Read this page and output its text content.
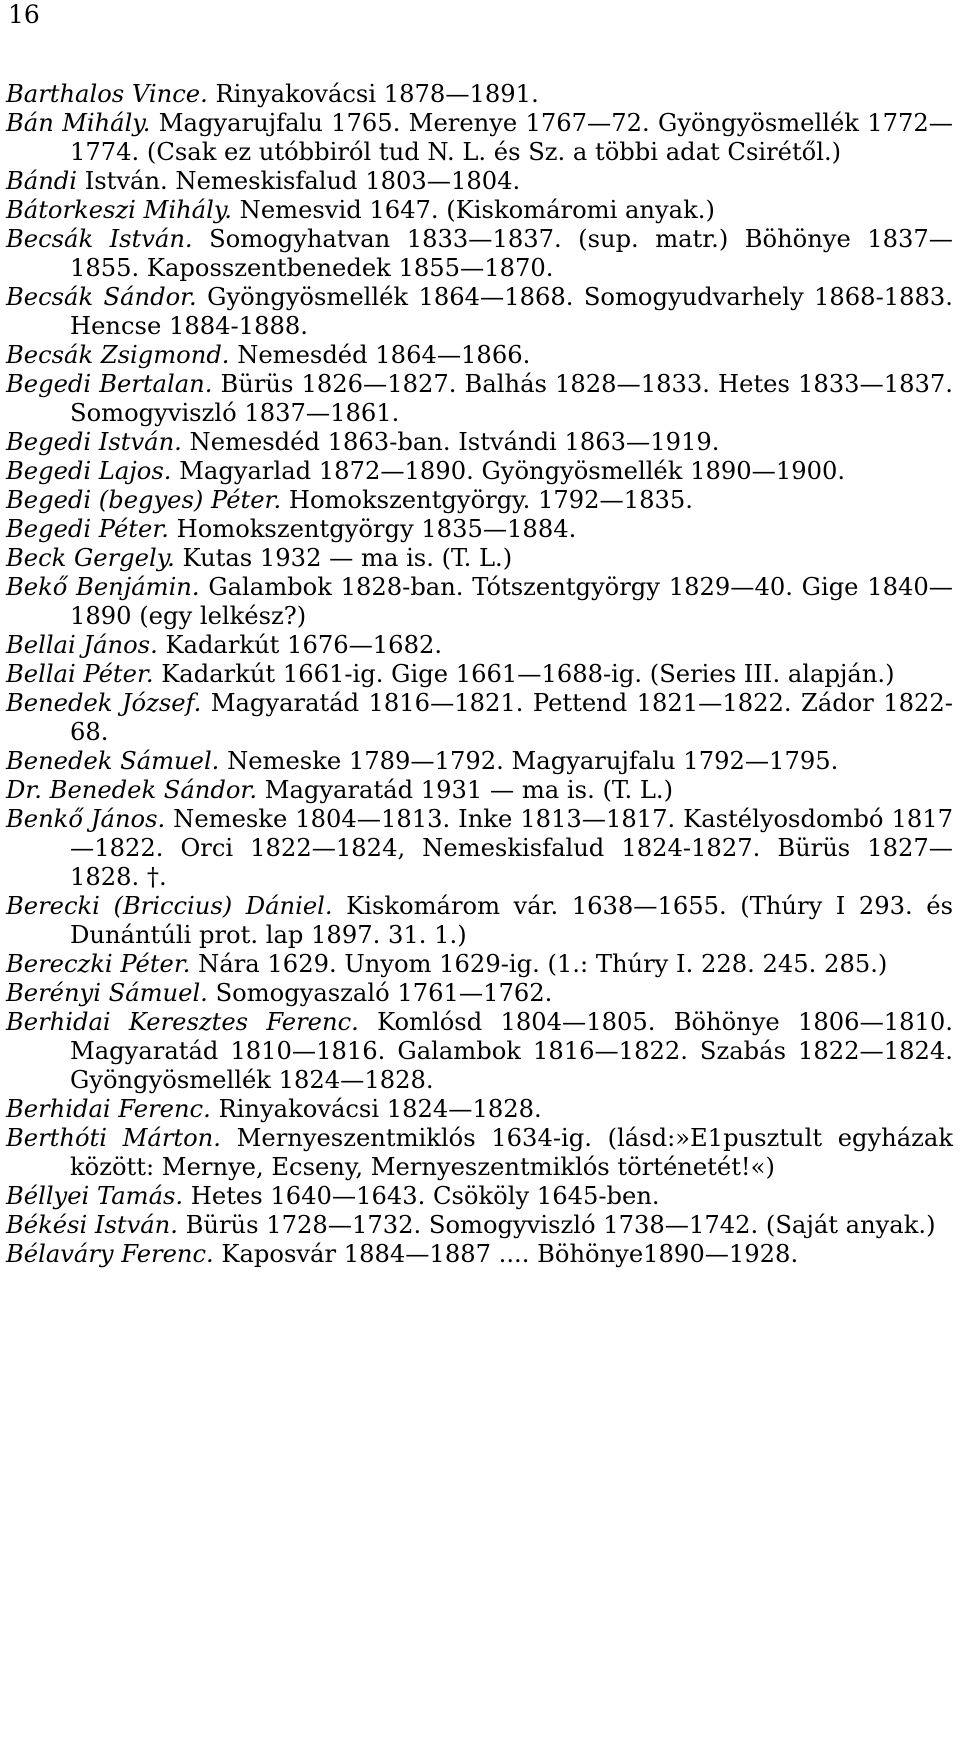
16

Barthalos Vince. Rinyakovácsi 1878—1891.

Bán Mihály. Magyarujfalu 1765. Merenye 1767—72. Gyöngyösmellék 1772—1774. (Csak ez utóbbiról tud N. L. és Sz. a többi adat Csirétől.)

Bándi István. Nemeskisfalud 1803—1804.

Bátorkeszi Mihály. Nemesvid 1647. (Kiskomáromi anyak.)

Becsák István. Somogyhatvan 1833—1837. (sup. matr.) Böhönye 1837—1855. Kaposszentbenedek 1855—1870.

Becsák Sándor. Gyöngyösmellék 1864—1868. Somogyudvarhely 1868-1883. Hencse 1884-1888.

Becsák Zsigmond. Nemesdéd 1864—1866.

Begedi Bertalan. Bürüs 1826—1827. Balhás 1828—1833. Hetes 1833—1837. Somogyviszló 1837—1861.

Begedi István. Nemesdéd 1863-ban. Istvándi 1863—1919.

Begedi Lajos. Magyarlad 1872—1890. Gyöngyösmellék 1890—1900.

Begedi (begyes) Péter. Homokszentgyörgy. 1792—1835.

Begedi Péter. Homokszentgyörgy 1835—1884.

Beck Gergely. Kutas 1932 — ma is. (T. L.)

Bekő Benjámin. Galambok 1828-ban. Tótszentgyörgy 1829—40. Gige 1840—1890 (egy lelkész?)

Bellai János. Kadarkút 1676—1682.

Bellai Péter. Kadarkút 1661-ig. Gige 1661—1688-ig. (Series III. alapján.)

Benedek József. Magyaratád 1816—1821. Pettend 1821—1822. Zádor 1822-68.

Benedek Sámuel. Nemeske 1789—1792. Magyarujfalu 1792—1795.

Dr. Benedek Sándor. Magyaratád 1931 — ma is. (T. L.)

Benkő János. Nemeske 1804—1813. Inke 1813—1817. Kastélyosdombó 1817—1822. Orci 1822—1824, Nemeskisfalud 1824-1827. Bürüs 1827—1828. †.

Berecki (Briccius) Dániel. Kiskomárom vár. 1638—1655. (Thúry I 293. és Dunántúli prot. lap 1897. 31. 1.)

Bereczki Péter. Nára 1629. Unyom 1629-ig. (1.: Thúry I. 228. 245. 285.)

Berényi Sámuel. Somogyaszaló 1761—1762.

Berhidai Keresztes Ferenc. Komlósd 1804—1805. Böhönye 1806—1810. Magyaratád 1810—1816. Galambok 1816—1822. Szabás 1822—1824. Gyöngyösmellék 1824—1828.

Berhidai Ferenc. Rinyakovácsi 1824—1828.

Berthóti Márton. Mernyeszentmiklós 1634-ig. (lásd:»E1pusztult egyházak között: Mernye, Ecseny, Mernyeszentmiklós történetét!«)

Béllyei Tamás. Hetes 1640—1643. Csököly 1645-ben.

Békési István. Bürüs 1728—1732. Somogyviszló 1738—1742. (Saját anyak.)

Bélaváry Ferenc. Kaposvár 1884—1887 .... Böhönye1890—1928.
